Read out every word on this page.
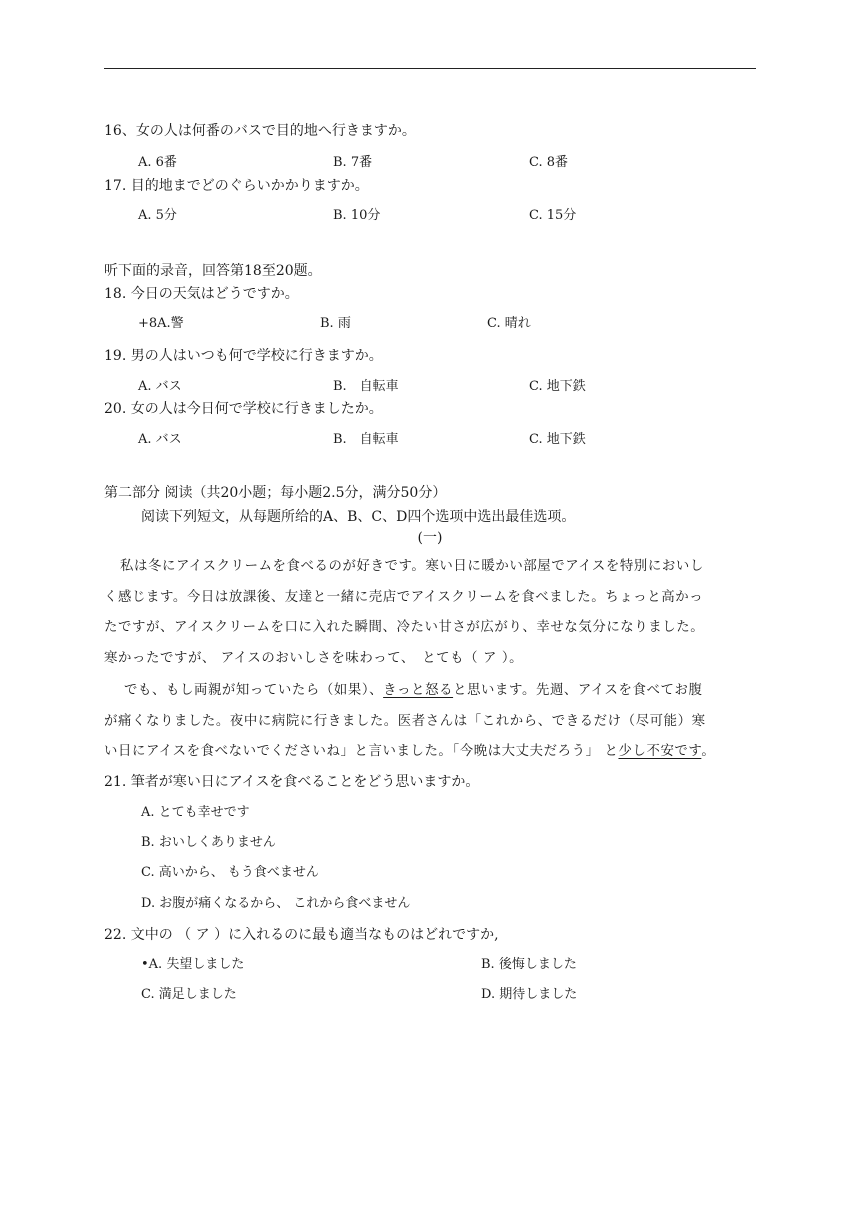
16、女の人は何番のバスで目的地へ行きますか。
A. 6番	B. 7番	C. 8番
17. 目的地までどのぐらいかかりますか。
A. 5分	B. 10分	C. 15分
听下面的录音，回答第18至20题。
18. 今日の天気はどうですか。
+8A.警	B. 雨	C. 晴れ
19. 男の人はいつも何で学校に行きますか。
A. バス	B.　自転車	C. 地下鉄
20. 女の人は今日何で学校に行きましたか。
A. バス	B.　自転車	C. 地下鉄
第二部分 阅读（共20小题；每小题2.5分，满分50分）
阅读下列短文，从每题所给的A、B、C、D四个选项中选出最佳选项。
(一)
私は冬にアイスクリームを食べるのが好きです。寒い日に暖かい部屋でアイスを特別においし
く感じます。今日は放課後、友達と一緒に売店でアイスクリームを食べました。ちょっと高かっ
たですが、アイスクリームを口に入れた瞬間、冷たい甘さが広がり、幸せな気分になりました。
寒かったですが、 アイスのおいしさを味わって、　とても（ ア ）。
でも、もし両親が知っていたら（如果）、きっと怒ると思います。先週、アイスを食べてお腹
が痛くなりました。夜中に病院に行きました。医者さんは「これから、できるだけ（尽可能）寒
い日にアイスを食べないでくださいね」と言いました。「今晩は大丈夫だろう」 と少し不安です。
21. 筆者が寒い日にアイスを食べることをどう思いますか。
A. とても幸せです
B. おいしくありません
C. 高いから、 もう食べません
D. お腹が痛くなるから、 これから食べません
22. 文中の （ ア ）に入れるのに最も適当なものはどれですか,
•A. 失望しました	B. 後悔しました
C. 満足しました	D. 期待しました
